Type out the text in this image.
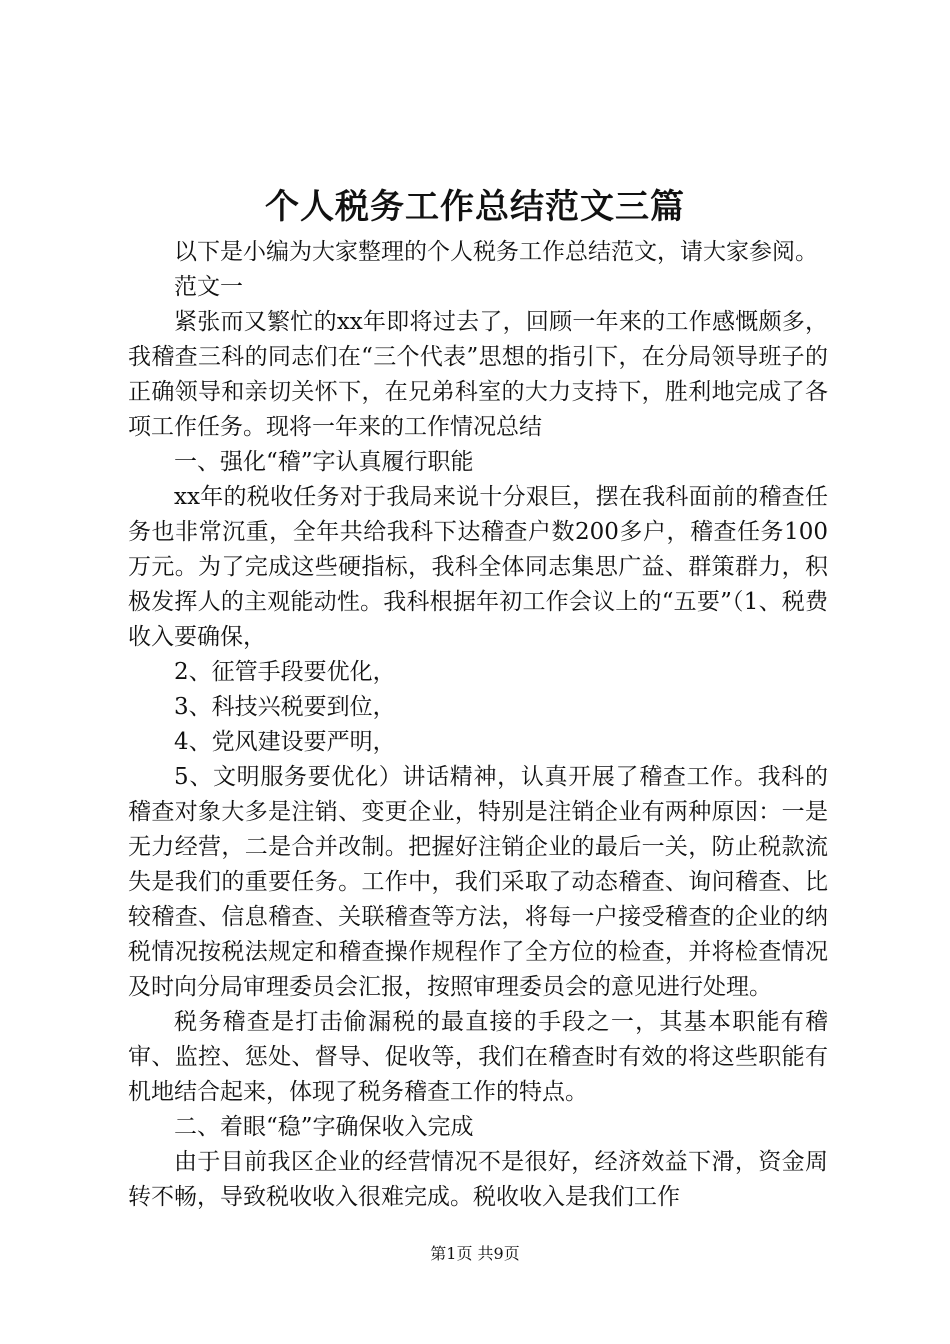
个人税务工作总结范文三篇

以下是小编为大家整理的个人税务工作总结范文，请大家参阅。

范文一

紧张而又繁忙的xx年即将过去了，回顾一年来的工作感慨颇多，我稽查三科的同志们在“三个代表”思想的指引下，在分局领导班子的正确领导和亲切关怀下，在兄弟科室的大力支持下，胜利地完成了各项工作任务。现将一年来的工作情况总结

一、强化“稽”字认真履行职能

xx年的税收任务对于我局来说十分艰巨，摆在我科面前的稽查任务也非常沉重，全年共给我科下达稽查户数200多户，稽查任务100万元。为了完成这些硬指标，我科全体同志集思广益、群策群力，积极发挥人的主观能动性。我科根据年初工作会议上的“五要”（1、税费收入要确保，

2、征管手段要优化，

3、科技兴税要到位，

4、党风建设要严明，

5、文明服务要优化）讲话精神，认真开展了稽查工作。我科的稽查对象大多是注销、变更企业，特别是注销企业有两种原因：一是无力经营，二是合并改制。把握好注销企业的最后一关，防止税款流失是我们的重要任务。工作中，我们采取了动态稽查、询问稽查、比较稽查、信息稽查、关联稽查等方法，将每一户接受稽查的企业的纳税情况按税法规定和稽查操作规程作了全方位的检查，并将检查情况及时向分局审理委员会汇报，按照审理委员会的意见进行处理。

税务稽查是打击偷漏税的最直接的手段之一，其基本职能有稽审、监控、惩处、督导、促收等，我们在稽查时有效的将这些职能有机地结合起来，体现了税务稽查工作的特点。

二、着眼“稳”字确保收入完成

由于目前我区企业的经营情况不是很好，经济效益下滑，资金周转不畅，导致税收收入很难完成。税收收入是我们工作

第1页 共9页
